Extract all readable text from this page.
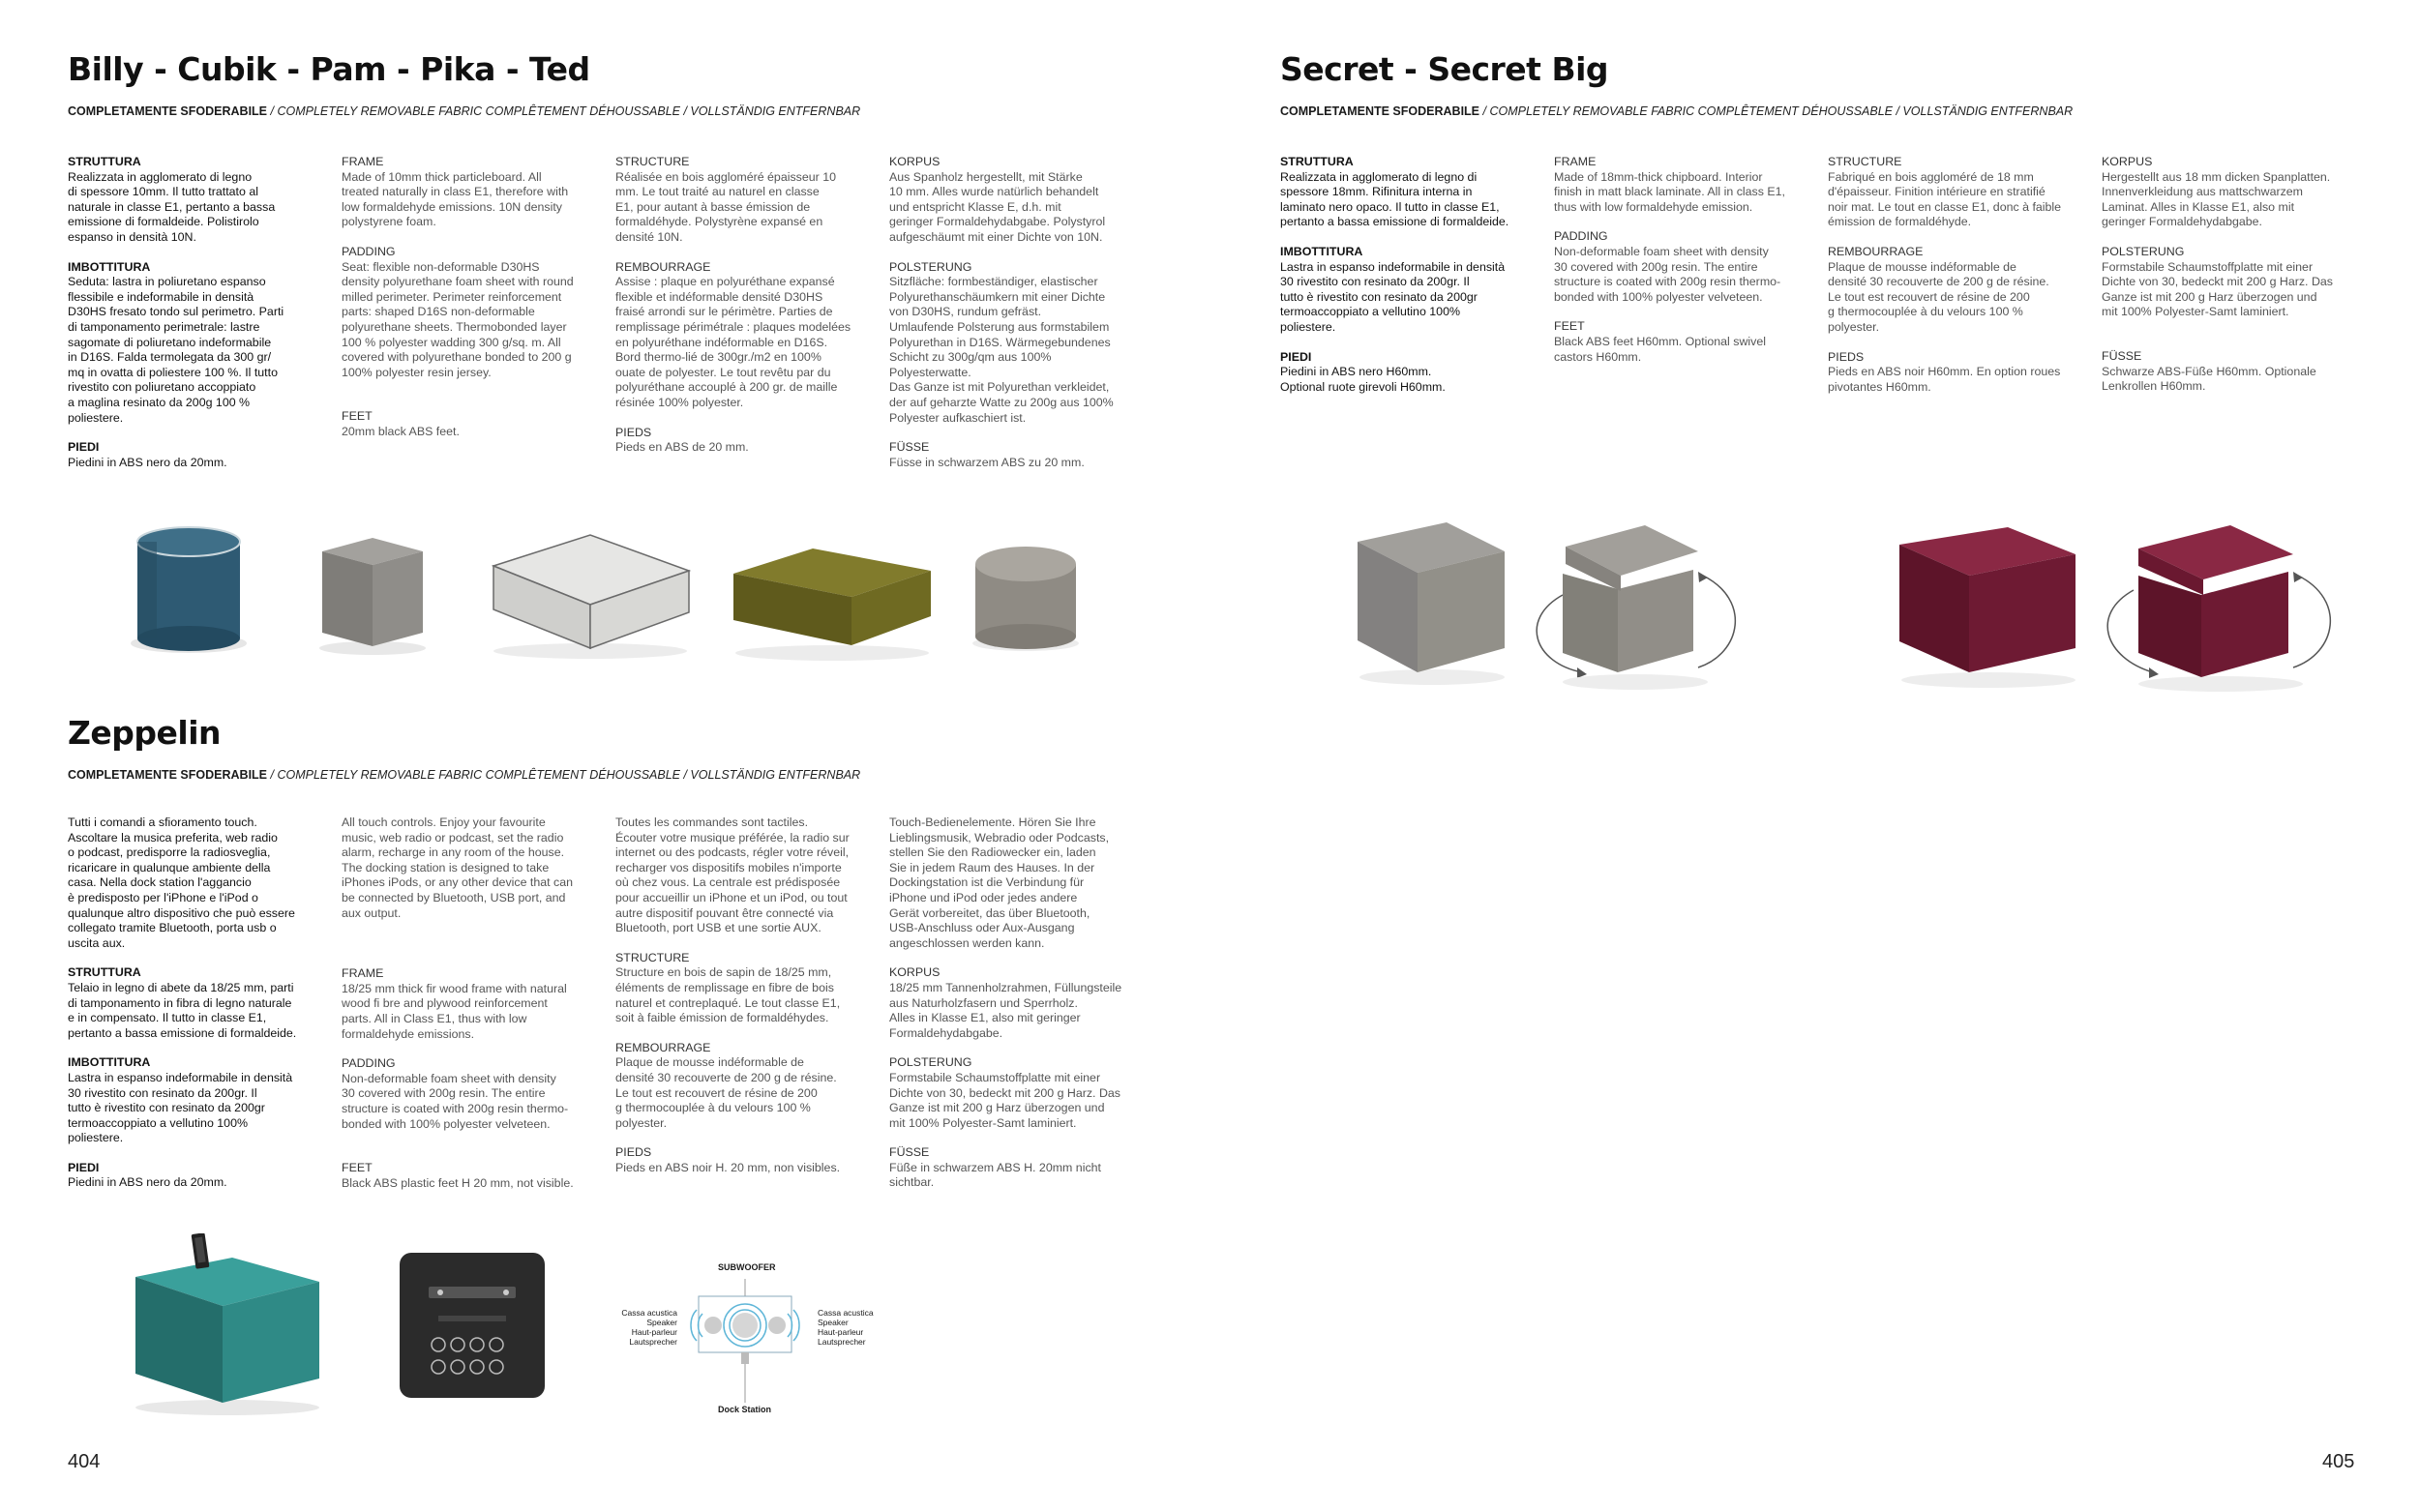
Billy - Cubik - Pam - Pika - Ted
COMPLETAMENTE SFODERABILE / COMPLETELY REMOVABLE FABRIC COMPLÊTEMENT DÉHOUSSABLE / VOLLSTÄNDIG ENTFERNBAR
STRUTTURA
Realizzata in agglomerato di legno
di spessore 10mm. Il tutto trattato al
naturale in classe E1, pertanto a bassa
emissione di formaldeide. Polistirolo
espanso in densità 10N.
IMBOTTITURA
Seduta: lastra in poliuretano espanso
flessibile e indeformabile in densità
D30HS fresato tondo sul perimetro. Parti
di tamponamento perimetrale: lastre
sagomate di poliuretano indeformabile
in D16S. Falda termolegata da 300 gr/
mq in ovatta di poliestere 100 %. Il tutto
rivestito con poliuretano accoppiato
a maglina resinato da 200g 100 %
poliestere.
PIEDI
Piedini in ABS nero da 20mm.
FRAME
Made of 10mm thick particleboard. All
treated naturally in class E1, therefore with
low formaldehyde emissions. 10N density
polystyrene foam.
PADDING
Seat: flexible non-deformable D30HS
density polyurethane foam sheet with round
milled perimeter. Perimeter reinforcement
parts: shaped D16S non-deformable
polyurethane sheets. Thermobonded layer
100 % polyester wadding 300 g/sq. m. All
covered with polyurethane bonded to 200 g
100% polyester resin jersey.
FEET
20mm black ABS feet.
STRUCTURE
Réalisée en bois aggloméré épaisseur 10
mm. Le tout traité au naturel en classe
E1, pour autant à basse émission de
formaldéhyde. Polystyrène expansé en
densité 10N.
REMBOURRAGE
Assise : plaque en polyuréthane expansé
flexible et indéformable densité D30HS
fraisé arrondi sur le périmètre. Parties de
remplissage périmétrale : plaques modelées
en polyuréthane indéformable en D16S.
Bord thermo-lié de 300gr./m2 en 100%
ouate de polyester. Le tout revêtu par du
polyuréthane accouplé à 200 gr. de maille
résinée 100% polyester.
PIEDS
Pieds en ABS de 20 mm.
KORPUS
Aus Spanholz hergestellt, mit Stärke
10 mm. Alles wurde natürlich behandelt
und entspricht Klasse E, d.h. mit
geringer Formaldehydabgabe. Polystyrol
aufgeschäumt mit einer Dichte von 10N.
POLSTERUNG
Sitzfläche: formbeständiger, elastischer
Polyurethanschäumkern mit einer Dichte
von D30HS, rundum gefräst.
Umlaufende Polsterung aus formstabilem
Polyurethan in D16S. Wärmegebundenes
Schicht zu 300g/qm aus 100%
Polyesterwatte.
Das Ganze ist mit Polyurethan verkleidet,
der auf geharzte Watte zu 200g aus 100%
Polyester aufkaschiert ist.
FÜSSE
Füsse in schwarzem ABS zu 20 mm.
Secret - Secret Big
COMPLETAMENTE SFODERABILE / COMPLETELY REMOVABLE FABRIC COMPLÊTEMENT DÉHOUSSABLE / VOLLSTÄNDIG ENTFERNBAR
STRUTTURA
Realizzata in agglomerato di legno di
spessore 18mm. Rifinitura interna in
laminato nero opaco. Il tutto in classe E1,
pertanto a bassa emissione di formaldeide.
IMBOTTITURA
Lastra in espanso indeformabile in densità
30 rivestito con resinato da 200gr. Il
tutto è rivestito con resinato da 200gr
termoaccoppiato a vellutino 100%
poliestere.
PIEDI
Piedini in ABS nero H60mm.
Optional ruote girevoli H60mm.
FRAME
Made of 18mm-thick chipboard. Interior
finish in matt black laminate. All in class E1,
thus with low formaldehyde emission.
PADDING
Non-deformable foam sheet with density
30 covered with 200g resin. The entire
structure is coated with 200g resin thermo-
bonded with 100% polyester velveteen.
FEET
Black ABS feet H60mm. Optional swivel
castors H60mm.
STRUCTURE
Fabriqué en bois aggloméré de 18 mm
d'épaisseur. Finition intérieure en stratifié
noir mat. Le tout en classe E1, donc à faible
émission de formaldéhyde.
REMBOURRAGE
Plaque de mousse indéformable de
densité 30 recouverte de 200 g de résine.
Le tout est recouvert de résine de 200
g thermocouplée à du velours 100 %
polyester.
PIEDS
Pieds en ABS noir H60mm. En option roues
pivotantes H60mm.
KORPUS
Hergestellt aus 18 mm dicken Spanplatten.
Innenverkleidung aus mattschwarzem
Laminat. Alles in Klasse E1, also mit
geringer Formaldehydabgabe.
POLSTERUNG
Formstabile Schaumstoffplatte mit einer
Dichte von 30, bedeckt mit 200 g Harz. Das
Ganze ist mit 200 g Harz überzogen und
mit 100% Polyester-Samt laminiert.
FÜSSE
Schwarze ABS-Füße H60mm. Optionale
Lenkrollen H60mm.
Zeppelin
COMPLETAMENTE SFODERABILE / COMPLETELY REMOVABLE FABRIC COMPLÊTEMENT DÉHOUSSABLE / VOLLSTÄNDIG ENTFERNBAR
Tutti i comandi a sfioramento touch.
Ascoltare la musica preferita, web radio
o podcast, predisporre la radiosveglia,
ricaricare in qualunque ambiente della
casa. Nella dock station l'aggancio
è predisposto per l'iPhone e l'iPod o
qualunque altro dispositivo che può essere
collegato tramite Bluetooth, porta usb o
uscita aux.
STRUTTURA
Telaio in legno di abete da 18/25 mm, parti
di tamponamento in fibra di legno naturale
e in compensato. Il tutto in classe E1,
pertanto a bassa emissione di formaldeide.
IMBOTTITURA
Lastra in espanso indeformabile in densità
30 rivestito con resinato da 200gr. Il
tutto è rivestito con resinato da 200gr
termoaccoppiato a vellutino 100%
poliestere.
PIEDI
Piedini in ABS nero da 20mm.
All touch controls. Enjoy your favourite
music, web radio or podcast, set the radio
alarm, recharge in any room of the house.
The docking station is designed to take
iPhones iPods, or any other device that can
be connected by Bluetooth, USB port, and
aux output.
FRAME
18/25 mm thick fir wood frame with natural
wood fi bre and plywood reinforcement
parts. All in Class E1, thus with low
formaldehyde emissions.
PADDING
Non-deformable foam sheet with density
30 covered with 200g resin. The entire
structure is coated with 200g resin thermo-
bonded with 100% polyester velveteen.
FEET
Black ABS plastic feet H 20 mm, not visible.
Toutes les commandes sont tactiles.
Écouter votre musique préférée, la radio sur
internet ou des podcasts, régler votre réveil,
recharger vos dispositifs mobiles n'importe
où chez vous. La centrale est prédisposée
pour accueillir un iPhone et un iPod, ou tout
autre dispositif pouvant être connecté via
Bluetooth, port USB et une sortie AUX.
STRUCTURE
Structure en bois de sapin de 18/25 mm,
éléments de remplissage en fibre de bois
naturel et contreplaqué. Le tout classe E1,
soit à faible émission de formaldéhydes.
REMBOURRAGE
Plaque de mousse indéformable de
densité 30 recouverte de 200 g de résine.
Le tout est recouvert de résine de 200
g thermocouplée à du velours 100 %
polyester.
PIEDS
Pieds en ABS noir H. 20 mm, non visibles.
Touch-Bedienelemente. Hören Sie Ihre
Lieblingsmusik, Webradio oder Podcasts,
stellen Sie den Radiowecker ein, laden
Sie in jedem Raum des Hauses. In der
Dockingstation ist die Verbindung für
iPhone und iPod oder jedes andere
Gerät vorbereitet, das über Bluetooth,
USB-Anschluss oder Aux-Ausgang
angeschlossen werden kann.
KORPUS
18/25 mm Tannenholzrahmen, Füllungsteile
aus Naturholzfasern und Sperrholz.
Alles in Klasse E1, also mit geringer
Formaldehydabgabe.
POLSTERUNG
Formstabile Schaumstoffplatte mit einer
Dichte von 30, bedeckt mit 200 g Harz. Das
Ganze ist mit 200 g Harz überzogen und
mit 100% Polyester-Samt laminiert.
FÜSSE
Füße in schwarzem ABS H. 20mm nicht
sichtbar.
SUBWOOFER
Cassa acustica
Speaker
Haut-parleur
Lautsprecher
Cassa acustica
Speaker
Haut-parleur
Lautsprecher
Dock Station
404	405
